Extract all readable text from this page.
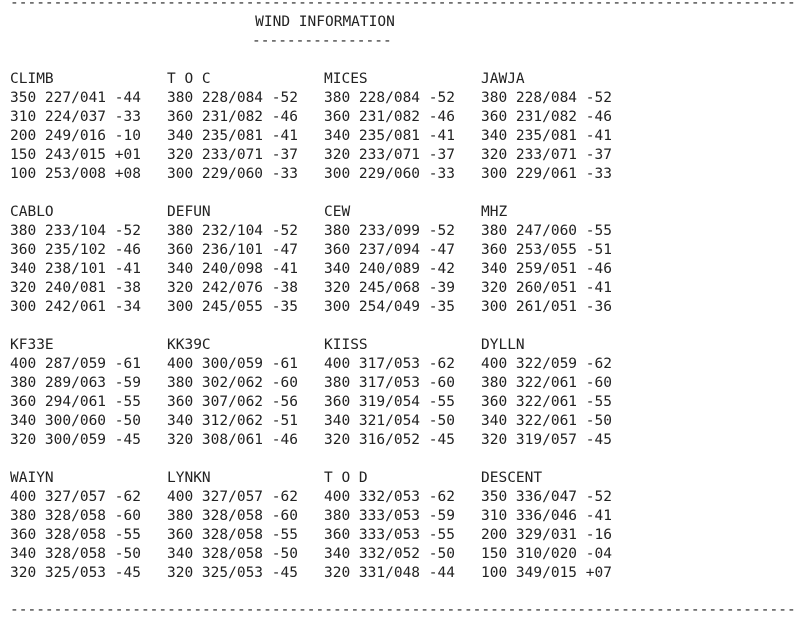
------------------------------------------------------------------------------------------
WIND INFORMATION
----------------
CLIMB
350 227/041 -44
310 224/037 -33
200 249/016 -10
150 243/015 +01
100 253/008 +08
T O C
380 228/084 -52
360 231/082 -46
340 235/081 -41
320 233/071 -37
300 229/060 -33
MICES
380 228/084 -52
360 231/082 -46
340 235/081 -41
320 233/071 -37
300 229/060 -33
JAWJA
380 228/084 -52
360 231/082 -46
340 235/081 -41
320 233/071 -37
300 229/061 -33
CABLO
380 233/104 -52
360 235/102 -46
340 238/101 -41
320 240/081 -38
300 242/061 -34
DEFUN
380 232/104 -52
360 236/101 -47
340 240/098 -41
320 242/076 -38
300 245/055 -35
CEW
380 233/099 -52
360 237/094 -47
340 240/089 -42
320 245/068 -39
300 254/049 -35
MHZ
380 247/060 -55
360 253/055 -51
340 259/051 -46
320 260/051 -41
300 261/051 -36
KF33E
400 287/059 -61
380 289/063 -59
360 294/061 -55
340 300/060 -50
320 300/059 -45
KK39C
400 300/059 -61
380 302/062 -60
360 307/062 -56
340 312/062 -51
320 308/061 -46
KIISS
400 317/053 -62
380 317/053 -60
360 319/054 -55
340 321/054 -50
320 316/052 -45
DYLLN
400 322/059 -62
380 322/061 -60
360 322/061 -55
340 322/061 -50
320 319/057 -45
WAIYN
400 327/057 -62
380 328/058 -60
360 328/058 -55
340 328/058 -50
320 325/053 -45
LYNKN
400 327/057 -62
380 328/058 -60
360 328/058 -55
340 328/058 -50
320 325/053 -45
T O D
400 332/053 -62
380 333/053 -59
360 333/053 -55
340 332/052 -50
320 331/048 -44
DESCENT
350 336/047 -52
310 336/046 -41
200 329/031 -16
150 310/020 -04
100 349/015 +07
------------------------------------------------------------------------------------------
